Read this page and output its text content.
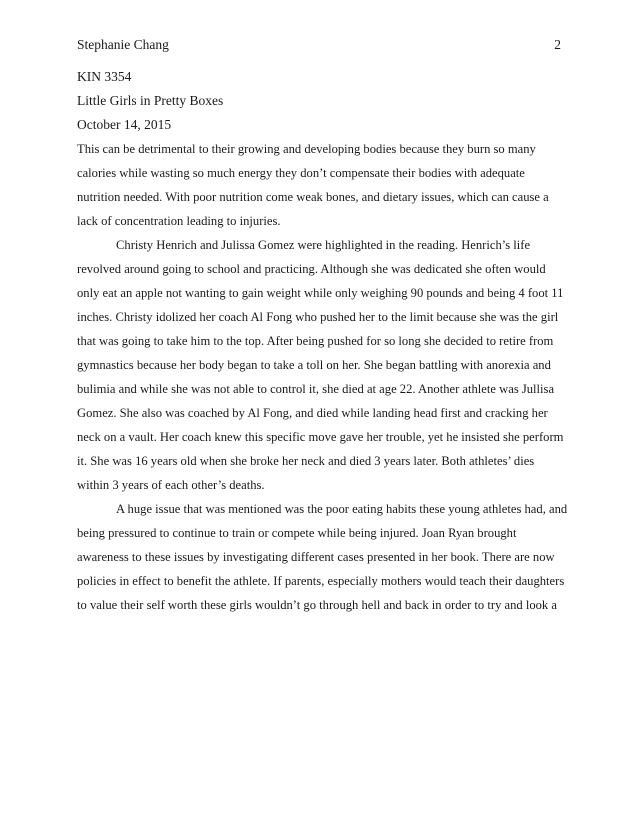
Stephanie Chang	2
KIN 3354
Little Girls in Pretty Boxes
October 14, 2015
This can be detrimental to their growing and developing bodies because they burn so many
calories while wasting so much energy they don’t compensate their bodies with adequate
nutrition needed. With poor nutrition come weak bones, and dietary issues, which can cause a
lack of concentration leading to injuries.
Christy Henrich and Julissa Gomez were highlighted in the reading. Henrich’s life
revolved around going to school and practicing. Although she was dedicated she often would
only eat an apple not wanting to gain weight while only weighing 90 pounds and being 4 foot 11
inches. Christy idolized her coach Al Fong who pushed her to the limit because she was the girl
that was going to take him to the top. After being pushed for so long she decided to retire from
gymnastics because her body began to take a toll on her. She began battling with anorexia and
bulimia and while she was not able to control it, she died at age 22. Another athlete was Jullisa
Gomez. She also was coached by Al Fong, and died while landing head first and cracking her
neck on a vault. Her coach knew this specific move gave her trouble, yet he insisted she perform
it. She was 16 years old when she broke her neck and died 3 years later. Both athletes’ dies
within 3 years of each other’s deaths.
A huge issue that was mentioned was the poor eating habits these young athletes had, and
being pressured to continue to train or compete while being injured. Joan Ryan brought
awareness to these issues by investigating different cases presented in her book. There are now
policies in effect to benefit the athlete. If parents, especially mothers would teach their daughters
to value their self worth these girls wouldn’t go through hell and back in order to try and look a
